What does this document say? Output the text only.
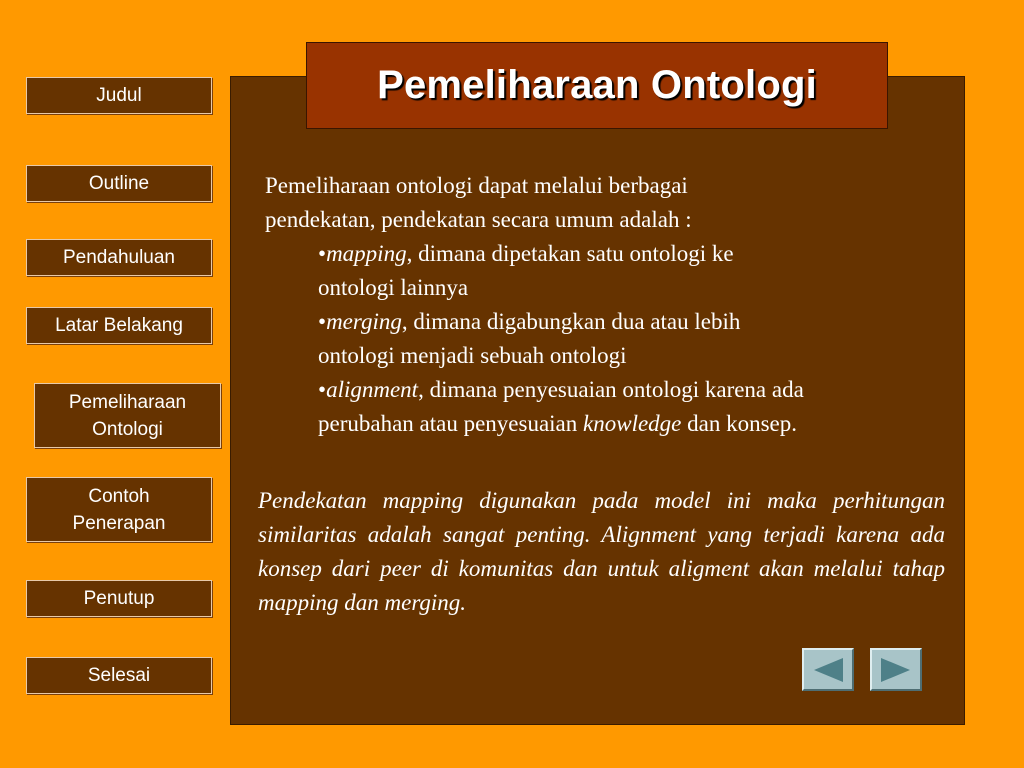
Judul
Outline
Pendahuluan
Latar Belakang
Pemeliharaan
Ontologi
Contoh
Penerapan
Penutup
Selesai
Pemeliharaan Ontologi

Pemeliharaan ontologi dapat melalui berbagai

pendekatan, pendekatan secara umum adalah :

•mapping, dimana dipetakan satu ontologi ke

ontologi lainnya

•merging, dimana digabungkan dua atau lebih

ontologi menjadi sebuah ontologi

•alignment, dimana penyesuaian ontologi karena ada

perubahan atau penyesuaian knowledge dan konsep.

Pendekatan mapping digunakan pada model ini maka perhitungan similaritas adalah sangat penting. Alignment yang terjadi karena ada konsep dari peer di komunitas dan untuk aligment akan melalui tahap mapping dan merging.
